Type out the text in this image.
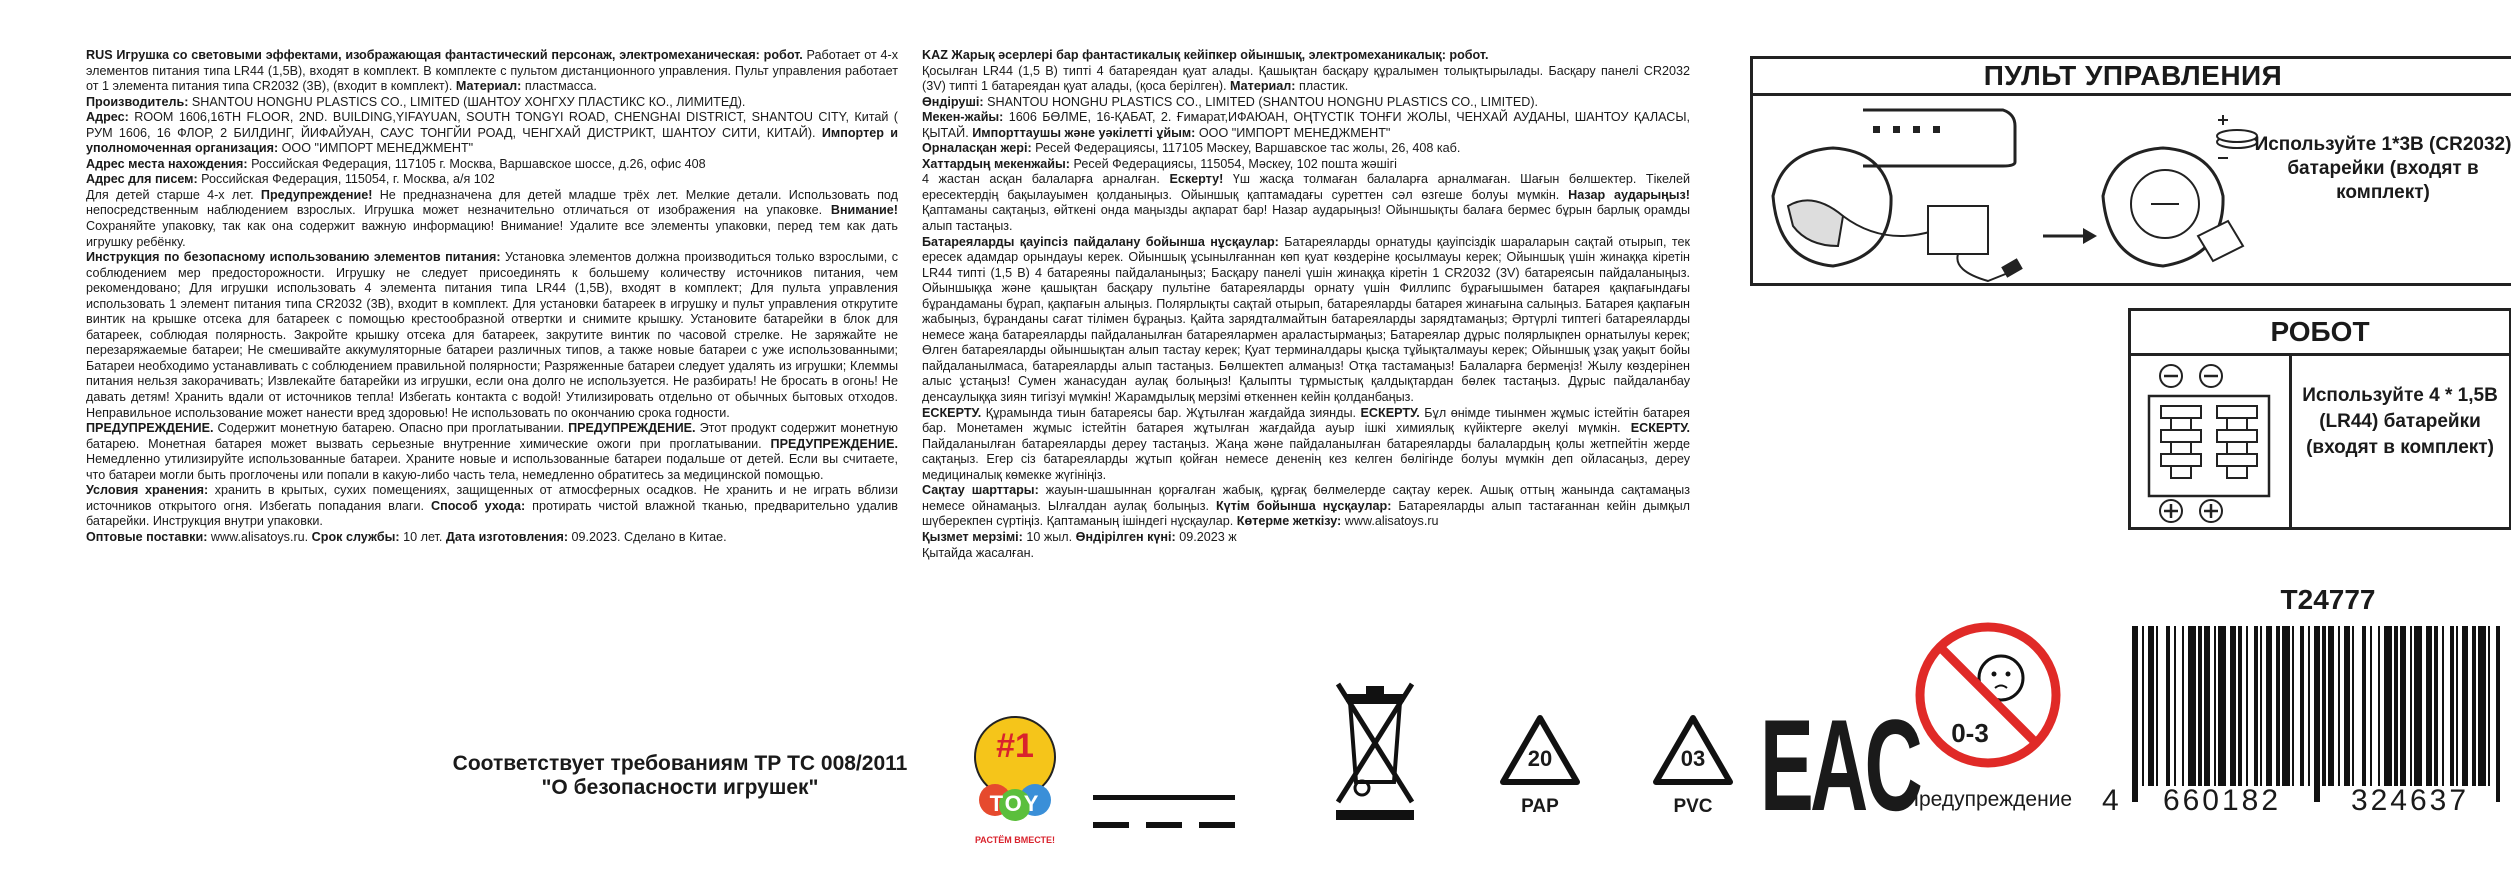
RUS Игрушка со световыми эффектами, изображающая фантастический персонаж, электромеханическая: робот. Работает от 4-х элементов питания типа LR44 (1,5В), входят в комплект. В комплекте с пультом дистанционного управления. Пульт управления работает от 1 элемента питания типа CR2032 (3В), (входит в комплект). Материал: пластмасса.

Производитель: SHANTOU HONGHU PLASTICS CO., LIMITED (ШАНТОУ ХОНГХУ ПЛАСТИКС КО., ЛИМИТЕД).

Адрес: ROOM 1606,16TH FLOOR, 2ND. BUILDING,YIFAYUAN, SOUTH TONGYI ROAD, CHENGHAI DISTRICT, SHANTOU CITY, Китай ( РУМ 1606, 16 ФЛОР, 2 БИЛДИНГ, ЙИФАЙУАН, САУС ТОНГЙИ РОАД, ЧЕНГХАЙ ДИСТРИКТ, ШАНТОУ СИТИ, КИТАЙ). Импортер и уполномоченная организация: ООО "ИМПОРТ МЕНЕДЖМЕНТ"

Адрес места нахождения: Российская Федерация, 117105 г. Москва, Варшавское шоссе, д.26, офис 408

Адрес для писем: Российская Федерация, 115054, г. Москва, а/я 102

Для детей старше 4-х лет. Предупреждение! Не предназначена для детей младше трёх лет. Мелкие детали. Использовать под непосредственным наблюдением взрослых. Игрушка может незначительно отличаться от изображения на упаковке. Внимание! Сохраняйте упаковку, так как она содержит важную информацию! Внимание! Удалите все элементы упаковки, перед тем как дать игрушку ребёнку.

Инструкция по безопасному использованию элементов питания: Установка элементов должна производиться только взрослыми, с соблюдением мер предосторожности. Игрушку не следует присоединять к большему количеству источников питания, чем рекомендовано; Для игрушки использовать 4 элемента питания типа LR44 (1,5В), входят в комплект; Для пульта управления использовать 1 элемент питания типа CR2032 (3В), входит в комплект. Для установки батареек в игрушку и пульт управления открутите винтик на крышке отсека для батареек с помощью крестообразной отвертки и снимите крышку. Установите батарейки в блок для батареек, соблюдая полярность. Закройте крышку отсека для батареек, закрутите винтик по часовой стрелке. Не заряжайте не перезаряжаемые батареи; Не смешивайте аккумуляторные батареи различных типов, а также новые батареи с уже использованными; Батареи необходимо устанавливать с соблюдением правильной полярности; Разряженные батареи следует удалять из игрушки; Клеммы питания нельзя закорачивать; Извлекайте батарейки из игрушки, если она долго не используется. Не разбирать! Не бросать в огонь! Не давать детям! Хранить вдали от источников тепла! Избегать контакта с водой! Утилизировать отдельно от обычных бытовых отходов. Неправильное использование может нанести вред здоровью! Не использовать по окончанию срока годности.

ПРЕДУПРЕЖДЕНИЕ. Содержит монетную батарею. Опасно при проглатывании. ПРЕДУПРЕЖДЕНИЕ. Этот продукт содержит монетную батарею. Монетная батарея может вызвать серьезные внутренние химические ожоги при проглатывании. ПРЕДУПРЕЖДЕНИЕ. Немедленно утилизируйте использованные батареи. Храните новые и использованные батареи подальше от детей. Если вы считаете, что батареи могли быть проглочены или попали в какую-либо часть тела, немедленно обратитесь за медицинской помощью.

Условия хранения: хранить в крытых, сухих помещениях, защищенных от атмосферных осадков. Не хранить и не играть вблизи источников открытого огня. Избегать попадания влаги. Способ ухода: протирать чистой влажной тканью, предварительно удалив батарейки. Инструкция внутри упаковки.

Оптовые поставки: www.alisatoys.ru. Срок службы: 10 лет. Дата изготовления: 09.2023. Сделано в Китае.

KAZ Жарық әсерлері бар фантастикалық кейіпкер ойыншық, электромеханикалық: робот.

Қосылған LR44 (1,5 В) типті 4 батареядан қуат алады. Қашықтан басқару құралымен толықтырылады. Басқару панелі CR2032 (3V) типті 1 батареядан қуат алады, (қоса берілген). Материал: пластик.

Өндіруші: SHANTOU HONGHU PLASTICS CO., LIMITED (SHANTOU HONGHU PLASTICS CO., LIMITED).

Мекен-жайы: 1606 БӨЛМЕ, 16-ҚАБАТ, 2. Ғимарат,ИФАЮАН, ОҢТҮСТІК ТОНҒИ ЖОЛЫ, ЧЕНХАЙ АУДАНЫ, ШАНТОУ ҚАЛАСЫ, ҚЫТАЙ. Импорттаушы және уәкілетті ұйым: ООО "ИМПОРТ МЕНЕДЖМЕНТ"

Орналасқан жері: Ресей Федерациясы, 117105 Мәскеу, Варшавское тас жолы, 26, 408 каб.

Хаттардың мекенжайы: Ресей Федерациясы, 115054, Мәскеу, 102 пошта жәшігі

4 жастан асқан балаларға арналған. Ескерту! Үш жасқа толмаған балаларға арналмаған. Шағын бөлшектер. Тікелей ересектердің бақылауымен қолданыңыз. Ойыншық қаптамадағы суреттен сәл өзгеше болуы мүмкін. Назар аударыңыз! Қаптаманы сақтаңыз, өйткені онда маңызды ақпарат бар! Назар аударыңыз! Ойыншықты балаға бермес бұрын барлық орамды алып тастаңыз.

Батареяларды қауіпсіз пайдалану бойынша нұсқаулар: Батареяларды орнатуды қауіпсіздік шараларын сақтай отырып, тек ересек адамдар орындауы керек. Ойыншық ұсынылғаннан көп қуат көздеріне қосылмауы керек; Ойыншық үшін жинаққа кіретін LR44 типті (1,5 В) 4 батареяны пайдаланыңыз; Басқару панелі үшін жинаққа кіретін 1 CR2032 (3V) батареясын пайдаланыңыз. Ойыншыққа және қашықтан басқару пультіне батареяларды орнату үшін Филлипс бұрағышымен батарея қақпағындағы бұрандаманы бұрап, қақпағын алыңыз. Полярлықты сақтай отырып, батареяларды батарея жинағына салыңыз. Батарея қақпағын жабыңыз, бұранданы сағат тілімен бұраңыз. Қайта зарядталмайтын батареяларды зарядтамаңыз; Әртүрлі типтегі батареяларды немесе жаңа батареяларды пайдаланылған батареялармен араластырмаңыз; Батареялар дұрыс полярлықпен орнатылуы керек; Өлген батареяларды ойыншықтан алып тастау керек; Қуат терминалдары қысқа тұйықталмауы керек; Ойыншық ұзақ уақыт бойы пайдаланылмаса, батареяларды алып тастаңыз. Бөлшектеп алмаңыз! Отқа тастамаңыз! Балаларға бермеңіз! Жылу көздерінен алыс ұстаңыз! Сумен жанасудан аулақ болыңыз! Қалыпты тұрмыстық қалдықтардан бөлек тастаңыз. Дұрыс пайдаланбау денсаулыққа зиян тигізуі мүмкін! Жарамдылық мерзімі өткеннен кейін қолданбаңыз.

ЕСКЕРТУ. Құрамында тиын батареясы бар. Жұтылған жағдайда зиянды. ЕСКЕРТУ. Бұл өнімде тиынмен жұмыс істейтін батарея бар. Монетамен жұмыс істейтін батарея жұтылған жағдайда ауыр ішкі химиялық күйіктерге әкелуі мүмкін. ЕСКЕРТУ. Пайдаланылған батареяларды дереу тастаңыз. Жаңа және пайдаланылған батареяларды балалардың қолы жетпейтін жерде сақтаңыз. Егер сіз батареяларды жұтып қойған немесе дененің кез келген бөлігінде болуы мүмкін деп ойласаңыз, дереу медициналық көмекке жүгініңіз.

Сақтау шарттары: жауын-шашыннан қорғалған жабық, құрғақ бөлмелерде сақтау керек. Ашық оттың жанында сақтамаңыз немесе ойнамаңыз. Ылғалдан аулақ болыңыз. Күтім бойынша нұсқаулар: Батареяларды алып тастағаннан кейін дымқыл шүберекпен сүртіңіз. Қаптаманың ішіндегі нұсқаулар. Көтерме жеткізу: www.alisatoys.ru

Қызмет мерзімі: 10 жыл. Өндірілген күні: 09.2023 ж

Қытайда жасалған.

ПУЛЬТ УПРАВЛЕНИЯ
Используйте 1*3В (CR2032) батарейки (входят в комплект)
РОБОТ
Используйте 4 * 1,5В (LR44) батарейки (входят в комплект)
T24777
Соответствует требованиям ТР ТС 008/2011
"О безопасности игрушек"
#1
TOY
РАСТЁМ ВМЕСТЕ!
20
PAP
03
PVC EAC	0-3
Предупреждение 4	660182	324637
